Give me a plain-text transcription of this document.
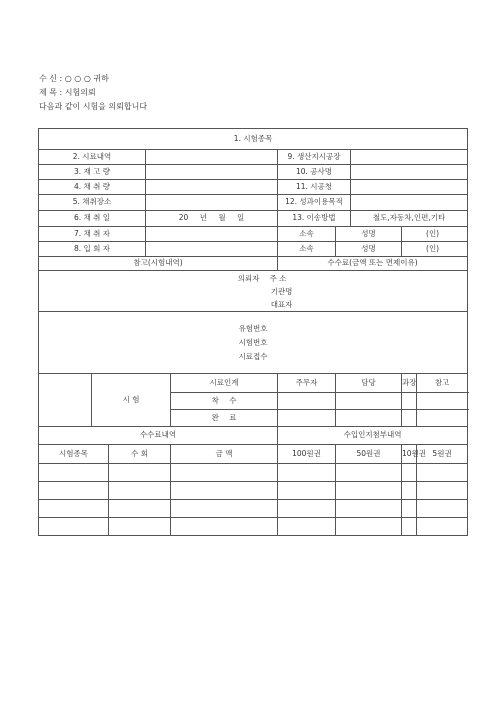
수 신 : ○ ○ ○ 귀하
제 목 : 시험의뢰
다음과 같이 시험을 의뢰합니다
1. 시험종목										
2. 시료내역					9. 생산지시공장					
3. 재 고 량					10. 공사명					
4. 채 취 량					11. 시공청					
5. 채취장소					12. 성과이용목적					
6. 채 취 일			20 년 월 일		13. 이송방법		철도,자동차,인편,기타			
7. 채 취 자					소속	성명		(인)		
8. 입 회 자					소속	성명		(인)		
참고(시험내역)					수수료(금액 또는 면제이유)					

의뢰자 주 소
기관명
대표자										

유험번호
시험번호
시료접수										

	시 험			시료인계	주무자	담당		과장	참고	
				착 수						
				완 료						
수수료내역					수입인지첨부내역					
시험종목		수 회		금 액	100원권	50원권		10원권	5원권	
